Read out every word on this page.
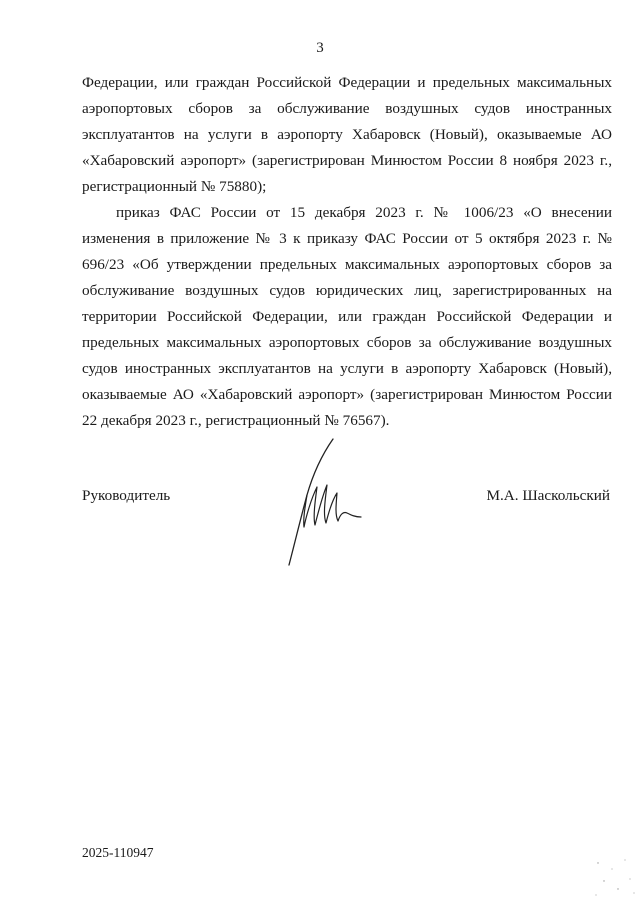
3

Федерации, или граждан Российской Федерации и предельных максимальных аэропортовых сборов за обслуживание воздушных судов иностранных эксплуатантов на услуги в аэропорту Хабаровск (Новый), оказываемые АО «Хабаровский аэропорт» (зарегистрирован Минюстом России 8 ноября 2023 г., регистрационный № 75880);

приказ ФАС России от 15 декабря 2023 г. № 1006/23 «О внесении изменения в приложение № 3 к приказу ФАС России от 5 октября 2023 г. № 696/23 «Об утверждении предельных максимальных аэропортовых сборов за обслуживание воздушных судов юридических лиц, зарегистрированных на территории Российской Федерации, или граждан Российской Федерации и предельных максимальных аэропортовых сборов за обслуживание воздушных судов иностранных эксплуатантов на услуги в аэропорту Хабаровск (Новый), оказываемые АО «Хабаровский аэропорт» (зарегистрирован Минюстом России 22 декабря 2023 г., регистрационный № 76567).

Руководитель	М.А. Шаскольский
2025-110947
